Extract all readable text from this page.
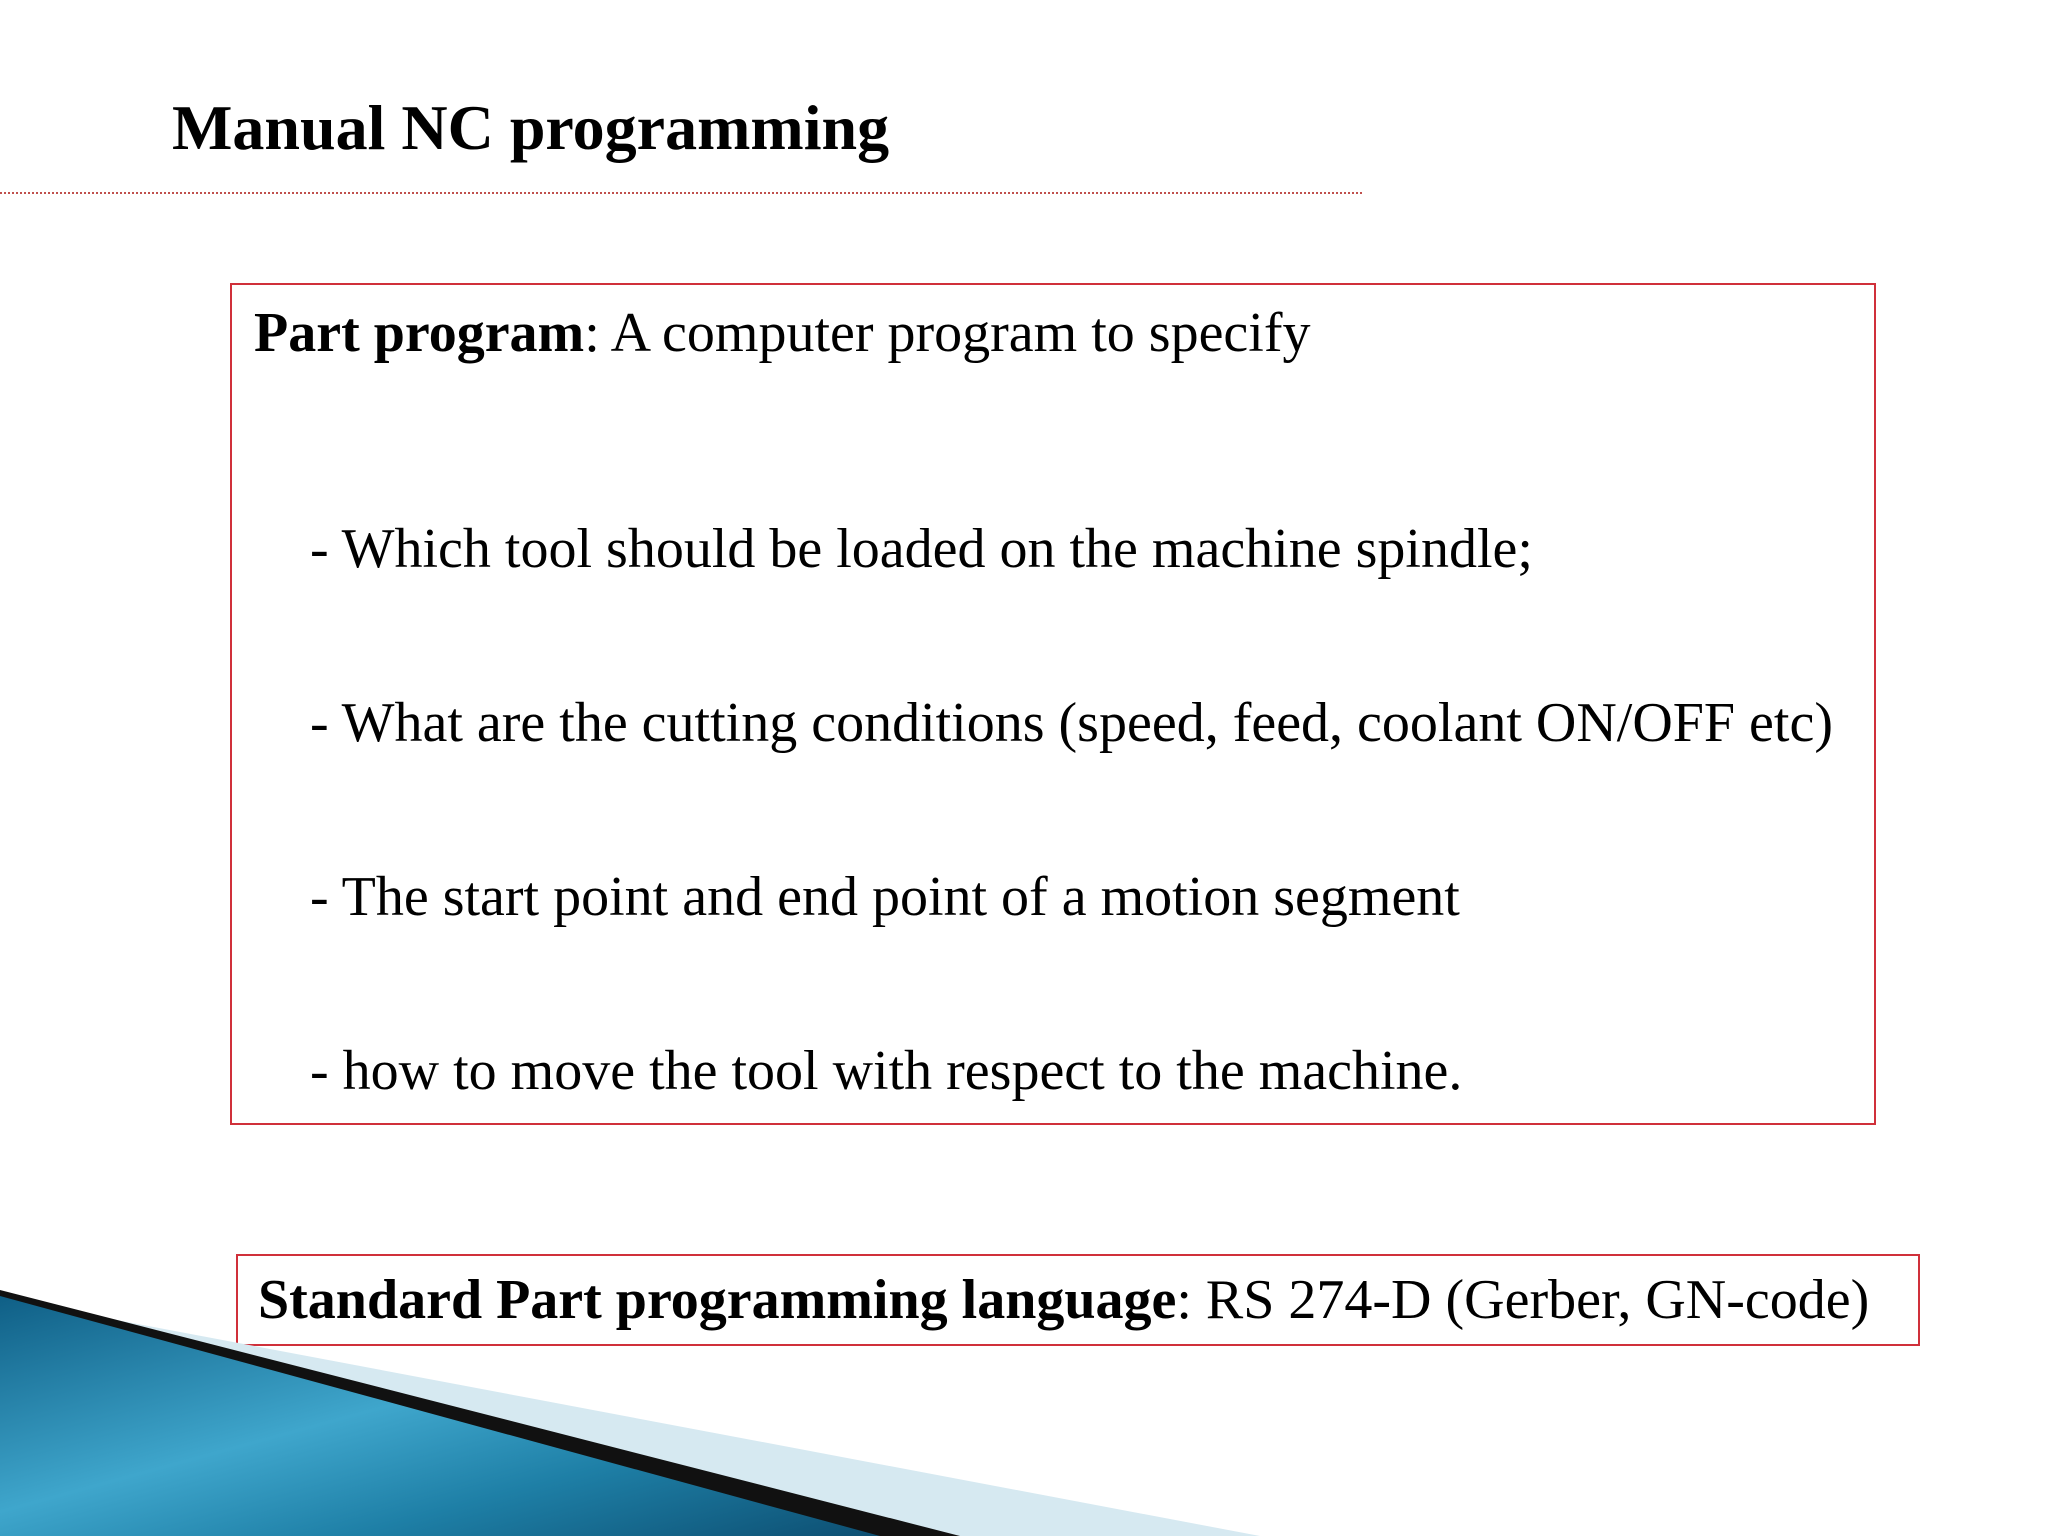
Manual NC programming
Part program: A computer program to specify
- Which tool should be loaded on the machine spindle;
- What are the cutting conditions (speed, feed, coolant ON/OFF etc)
- The start point and end point of a motion segment
- how to move the tool with respect to the machine.
Standard Part programming language: RS 274-D (Gerber, GN-code)
